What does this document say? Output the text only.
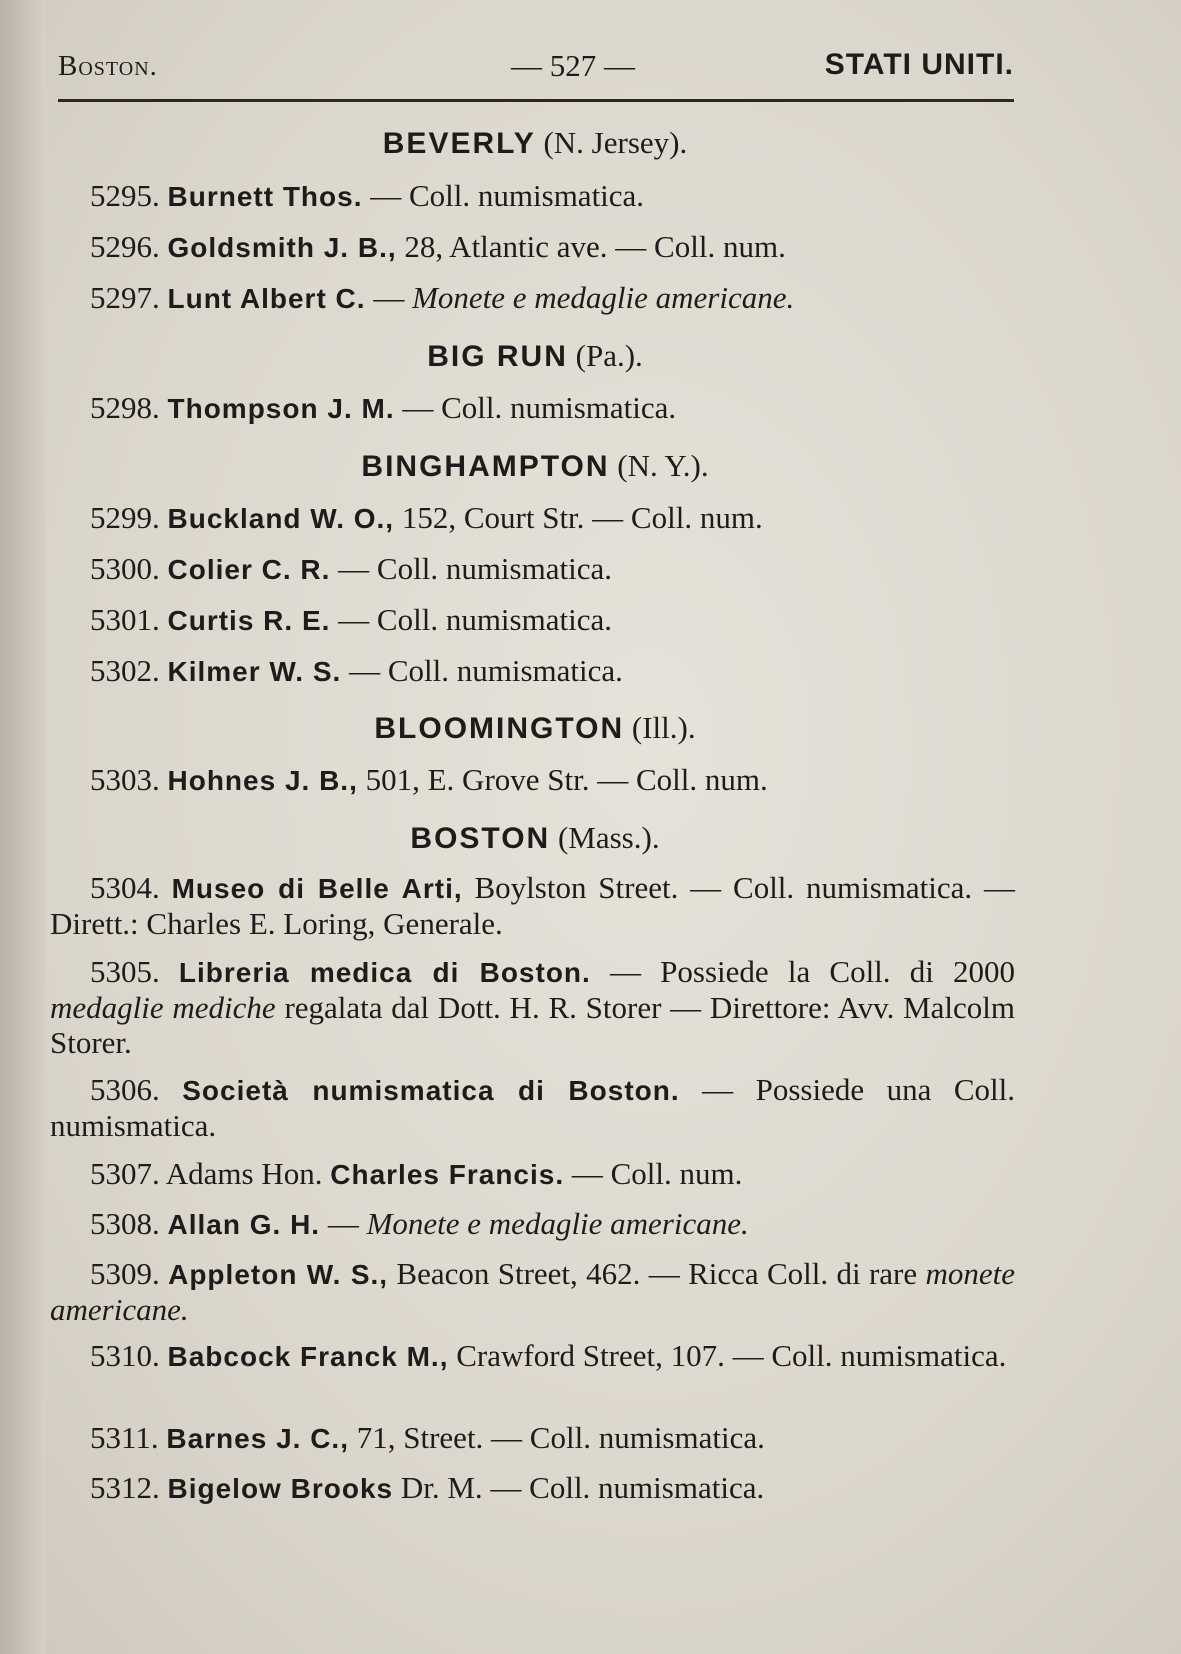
Boston.	— 527 —	STATI UNITI.
BEVERLY (N. Jersey).
5295. Burnett Thos. — Coll. numismatica.
5296. Goldsmith J. B., 28, Atlantic ave. — Coll. num.
5297. Lunt Albert C. — Monete e medaglie americane.
BIG RUN (Pa.).
5298. Thompson J. M. — Coll. numismatica.
BINGHAMPTON (N. Y.).
5299. Buckland W. O., 152, Court Str. — Coll. num.
5300. Colier C. R. — Coll. numismatica.
5301. Curtis R. E. — Coll. numismatica.
5302. Kilmer W. S. — Coll. numismatica.
BLOOMINGTON (Ill.).
5303. Hohnes J. B., 501, E. Grove Str. — Coll. num.
BOSTON (Mass.).
5304. Museo di Belle Arti, Boylston Street. — Coll. numismatica. — Dirett.: Charles E. Loring, Generale.
5305. Libreria medica di Boston. — Possiede la Coll. di 2000 medaglie mediche regalata dal Dott. H. R. Storer — Direttore: Avv. Malcolm Storer.
5306. Società numismatica di Boston. — Possiede una Coll. numismatica.
5307. Adams Hon. Charles Francis. — Coll. num.
5308. Allan G. H. — Monete e medaglie americane.
5309. Appleton W. S., Beacon Street, 462. — Ricca Coll. di rare monete americane.
5310. Babcock Franck M., Crawford Street, 107. — Coll. numismatica.
5311. Barnes J. C., 71, Street. — Coll. numismatica.
5312. Bigelow Brooks Dr. M. — Coll. numismatica.
